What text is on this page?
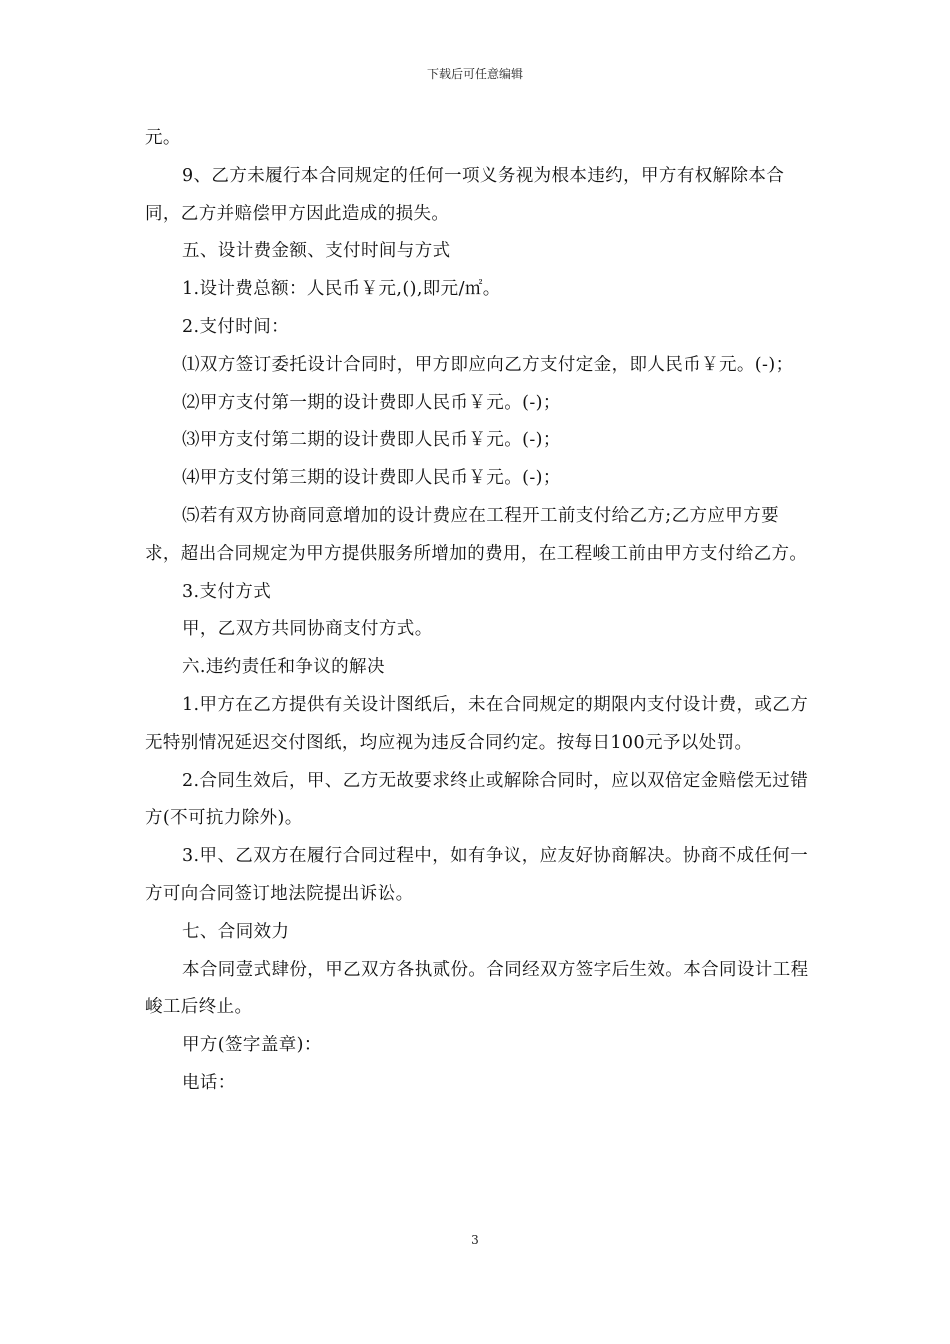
下载后可任意编辑

元。

9、乙方未履行本合同规定的任何一项义务视为根本违约，甲方有权解除本合同，乙方并赔偿甲方因此造成的损失。

五、设计费金额、支付时间与方式

1.设计费总额：人民币￥元,(),即元/㎡。

2.支付时间：

⑴双方签订委托设计合同时，甲方即应向乙方支付定金，即人民币￥元。(-)；

⑵甲方支付第一期的设计费即人民币￥元。(-)；

⑶甲方支付第二期的设计费即人民币￥元。(-)；

⑷甲方支付第三期的设计费即人民币￥元。(-)；

⑸若有双方协商同意增加的设计费应在工程开工前支付给乙方;乙方应甲方要求，超出合同规定为甲方提供服务所增加的费用，在工程峻工前由甲方支付给乙方。

3.支付方式

甲，乙双方共同协商支付方式。

六.违约责任和争议的解决

1.甲方在乙方提供有关设计图纸后，未在合同规定的期限内支付设计费，或乙方无特别情况延迟交付图纸，均应视为违反合同约定。按每日100元予以处罚。

2.合同生效后，甲、乙方无故要求终止或解除合同时，应以双倍定金赔偿无过错方(不可抗力除外)。

3.甲、乙双方在履行合同过程中，如有争议，应友好协商解决。协商不成任何一方可向合同签订地法院提出诉讼。

七、合同效力

本合同壹式肆份，甲乙双方各执贰份。合同经双方签字后生效。本合同设计工程峻工后终止。

甲方(签字盖章)：

电话：

3
